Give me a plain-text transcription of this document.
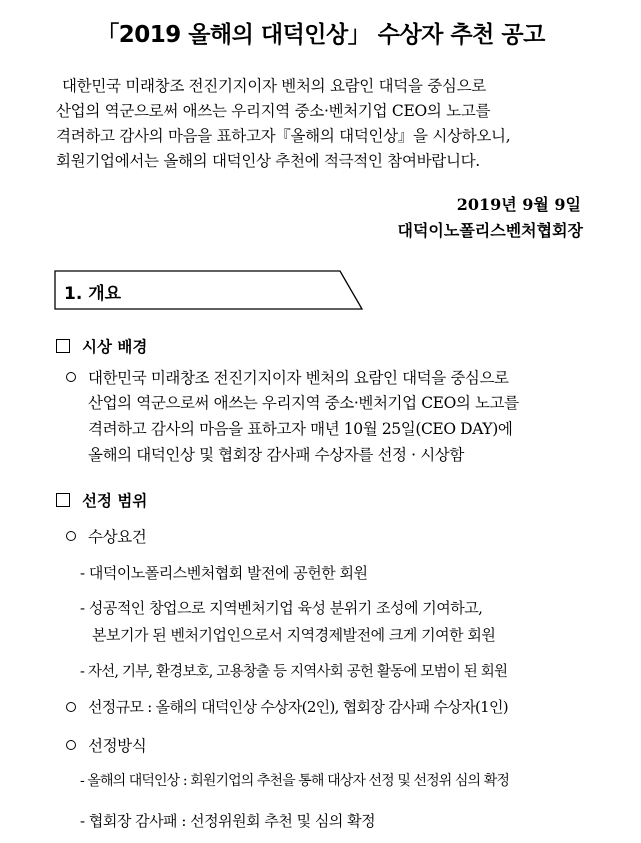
「2019 올해의 대덕인상」 수상자 추천 공고

대한민국 미래창조 전진기지이자 벤처의 요람인 대덕을 중심으로

산업의 역군으로써 애쓰는 우리지역 중소·벤처기업 CEO의 노고를

격려하고 감사의 마음을 표하고자『올해의 대덕인상』을 시상하오니,

회원기업에서는 올해의 대덕인상 추천에 적극적인 참여바랍니다.

2019년 9월 9일

대덕이노폴리스벤처협회장

1. 개요

시상 배경

대한민국 미래창조 전진기지이자 벤처의 요람인 대덕을 중심으로

산업의 역군으로써 애쓰는 우리지역 중소·벤처기업 CEO의 노고를

격려하고 감사의 마음을 표하고자 매년 10월 25일(CEO DAY)에

올해의 대덕인상 및 협회장 감사패 수상자를 선정 · 시상함

선정 범위

수상요건

- 대덕이노폴리스벤처협회 발전에 공헌한 회원

- 성공적인 창업으로 지역벤처기업 육성 분위기 조성에 기여하고,

본보기가 된 벤처기업인으로서 지역경제발전에 크게 기여한 회원

- 자선, 기부, 환경보호, 고용창출 등 지역사회 공헌 활동에 모범이 된 회원

선정규모 : 올해의 대덕인상 수상자(2인), 협회장 감사패 수상자(1인)

선정방식

- 올해의 대덕인상 : 회원기업의 추천을 통해 대상자 선정 및 선정위 심의 확정

- 협회장 감사패 : 선정위원회 추천 및 심의 확정
